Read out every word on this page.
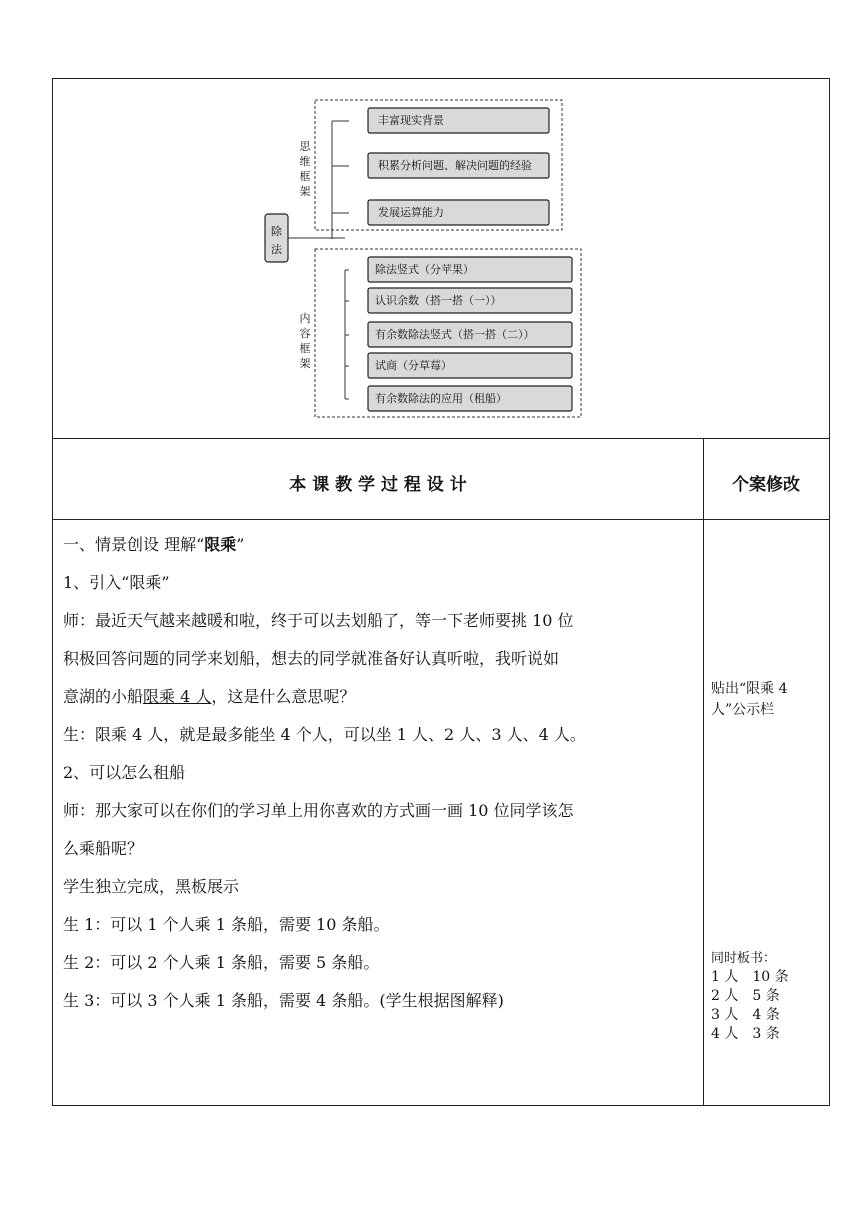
除
法
思
维
框
架
内
容
框
架
丰富现实背景
积累分析问题、解决问题的经验
发展运算能力
除法竖式（分苹果）
认识余数（搭一搭（一））
有余数除法竖式（搭一搭（二））
试商（分草莓）
有余数除法的应用（租船）
本 课 教 学 过 程 设 计	个案修改
一、情景创设 理解“限乘”
1、引入“限乘”
师：最近天气越来越暖和啦，终于可以去划船了，等一下老师要挑 10 位
积极回答问题的同学来划船，想去的同学就准备好认真听啦，我听说如
意湖的小船限乘 4 人，这是什么意思呢？
生：限乘 4 人，就是最多能坐 4 个人，可以坐 1 人、2 人、3 人、4 人。
2、可以怎么租船
师：那大家可以在你们的学习单上用你喜欢的方式画一画 10 位同学该怎
么乘船呢？
学生独立完成，黑板展示
生 1：可以 1 个人乘 1 条船，需要 10 条船。
生 2：可以 2 个人乘 1 条船，需要 5 条船。
生 3：可以 3 个人乘 1 条船，需要 4 条船。(学生根据图解释)
贴出“限乘 4
人”公示栏
同时板书：
1 人　10 条
2 人　5 条
3 人　4 条
4 人　3 条
